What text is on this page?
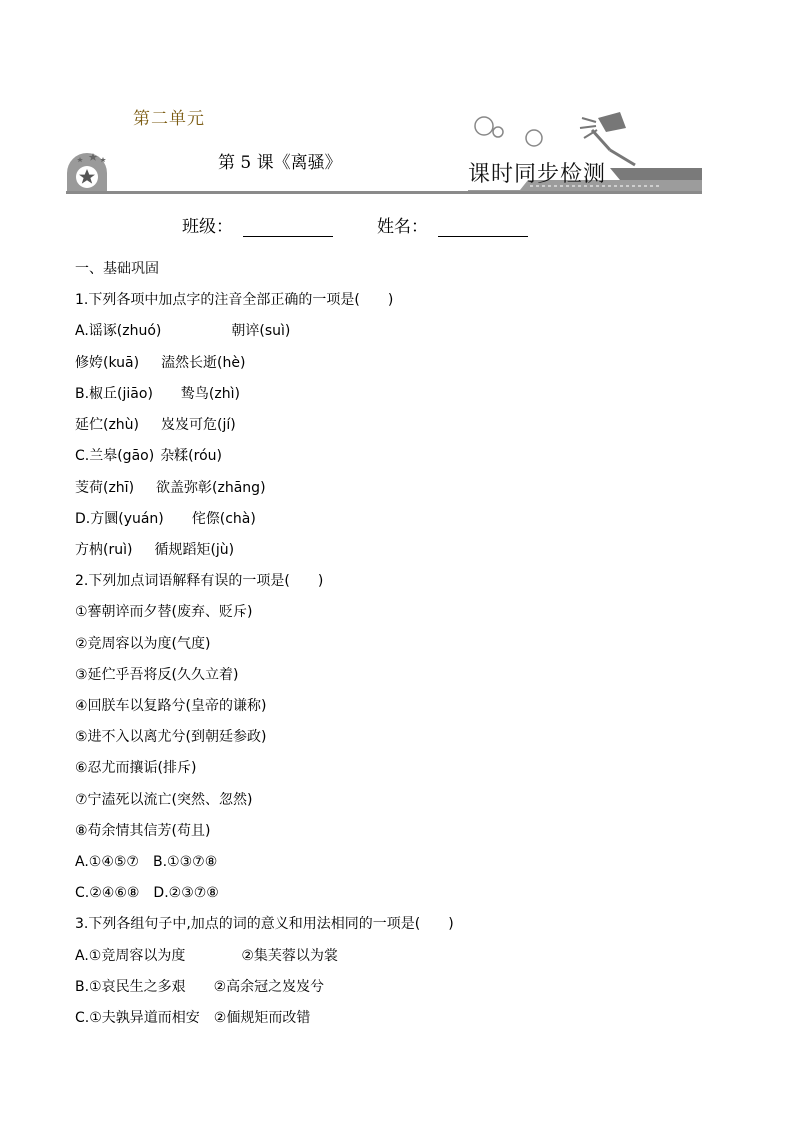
第二单元
第 5 课《离骚》	课时同步检测
班级：	姓名：
一、基础巩固
1.下列各项中加点字的注音全部正确的一项是(　　)
A.谣诼(zhuó)	朝谇(suì)
修姱(kuā) 溘然长逝(hè)
B.椒丘(jiāo) 鸷鸟(zhì)
延伫(zhù) 岌岌可危(jí)
C.兰皋(gāo) 杂糅(róu)
芰荷(zhī) 欲盖弥彰(zhāng)
D.方圜(yuán) 侘傺(chà)
方枘(ruì) 循规蹈矩(jù)
2.下列加点词语解释有误的一项是(　　)
①謇朝谇而夕替(废弃、贬斥)
②竞周容以为度(气度)
③延伫乎吾将反(久久立着)
④回朕车以复路兮(皇帝的谦称)
⑤进不入以离尤兮(到朝廷参政)
⑥忍尤而攘诟(排斥)
⑦宁溘死以流亡(突然、忽然)
⑧苟余情其信芳(苟且)
A.①④⑤⑦　B.①③⑦⑧
C.②④⑥⑧　D.②③⑦⑧
3.下列各组句子中,加点的词的意义和用法相同的一项是(　　)
A.①竞周容以为度	②集芙蓉以为裳
B.①哀民生之多艰 ②高余冠之岌岌兮
C.①夫孰异道而相安 ②偭规矩而改错
